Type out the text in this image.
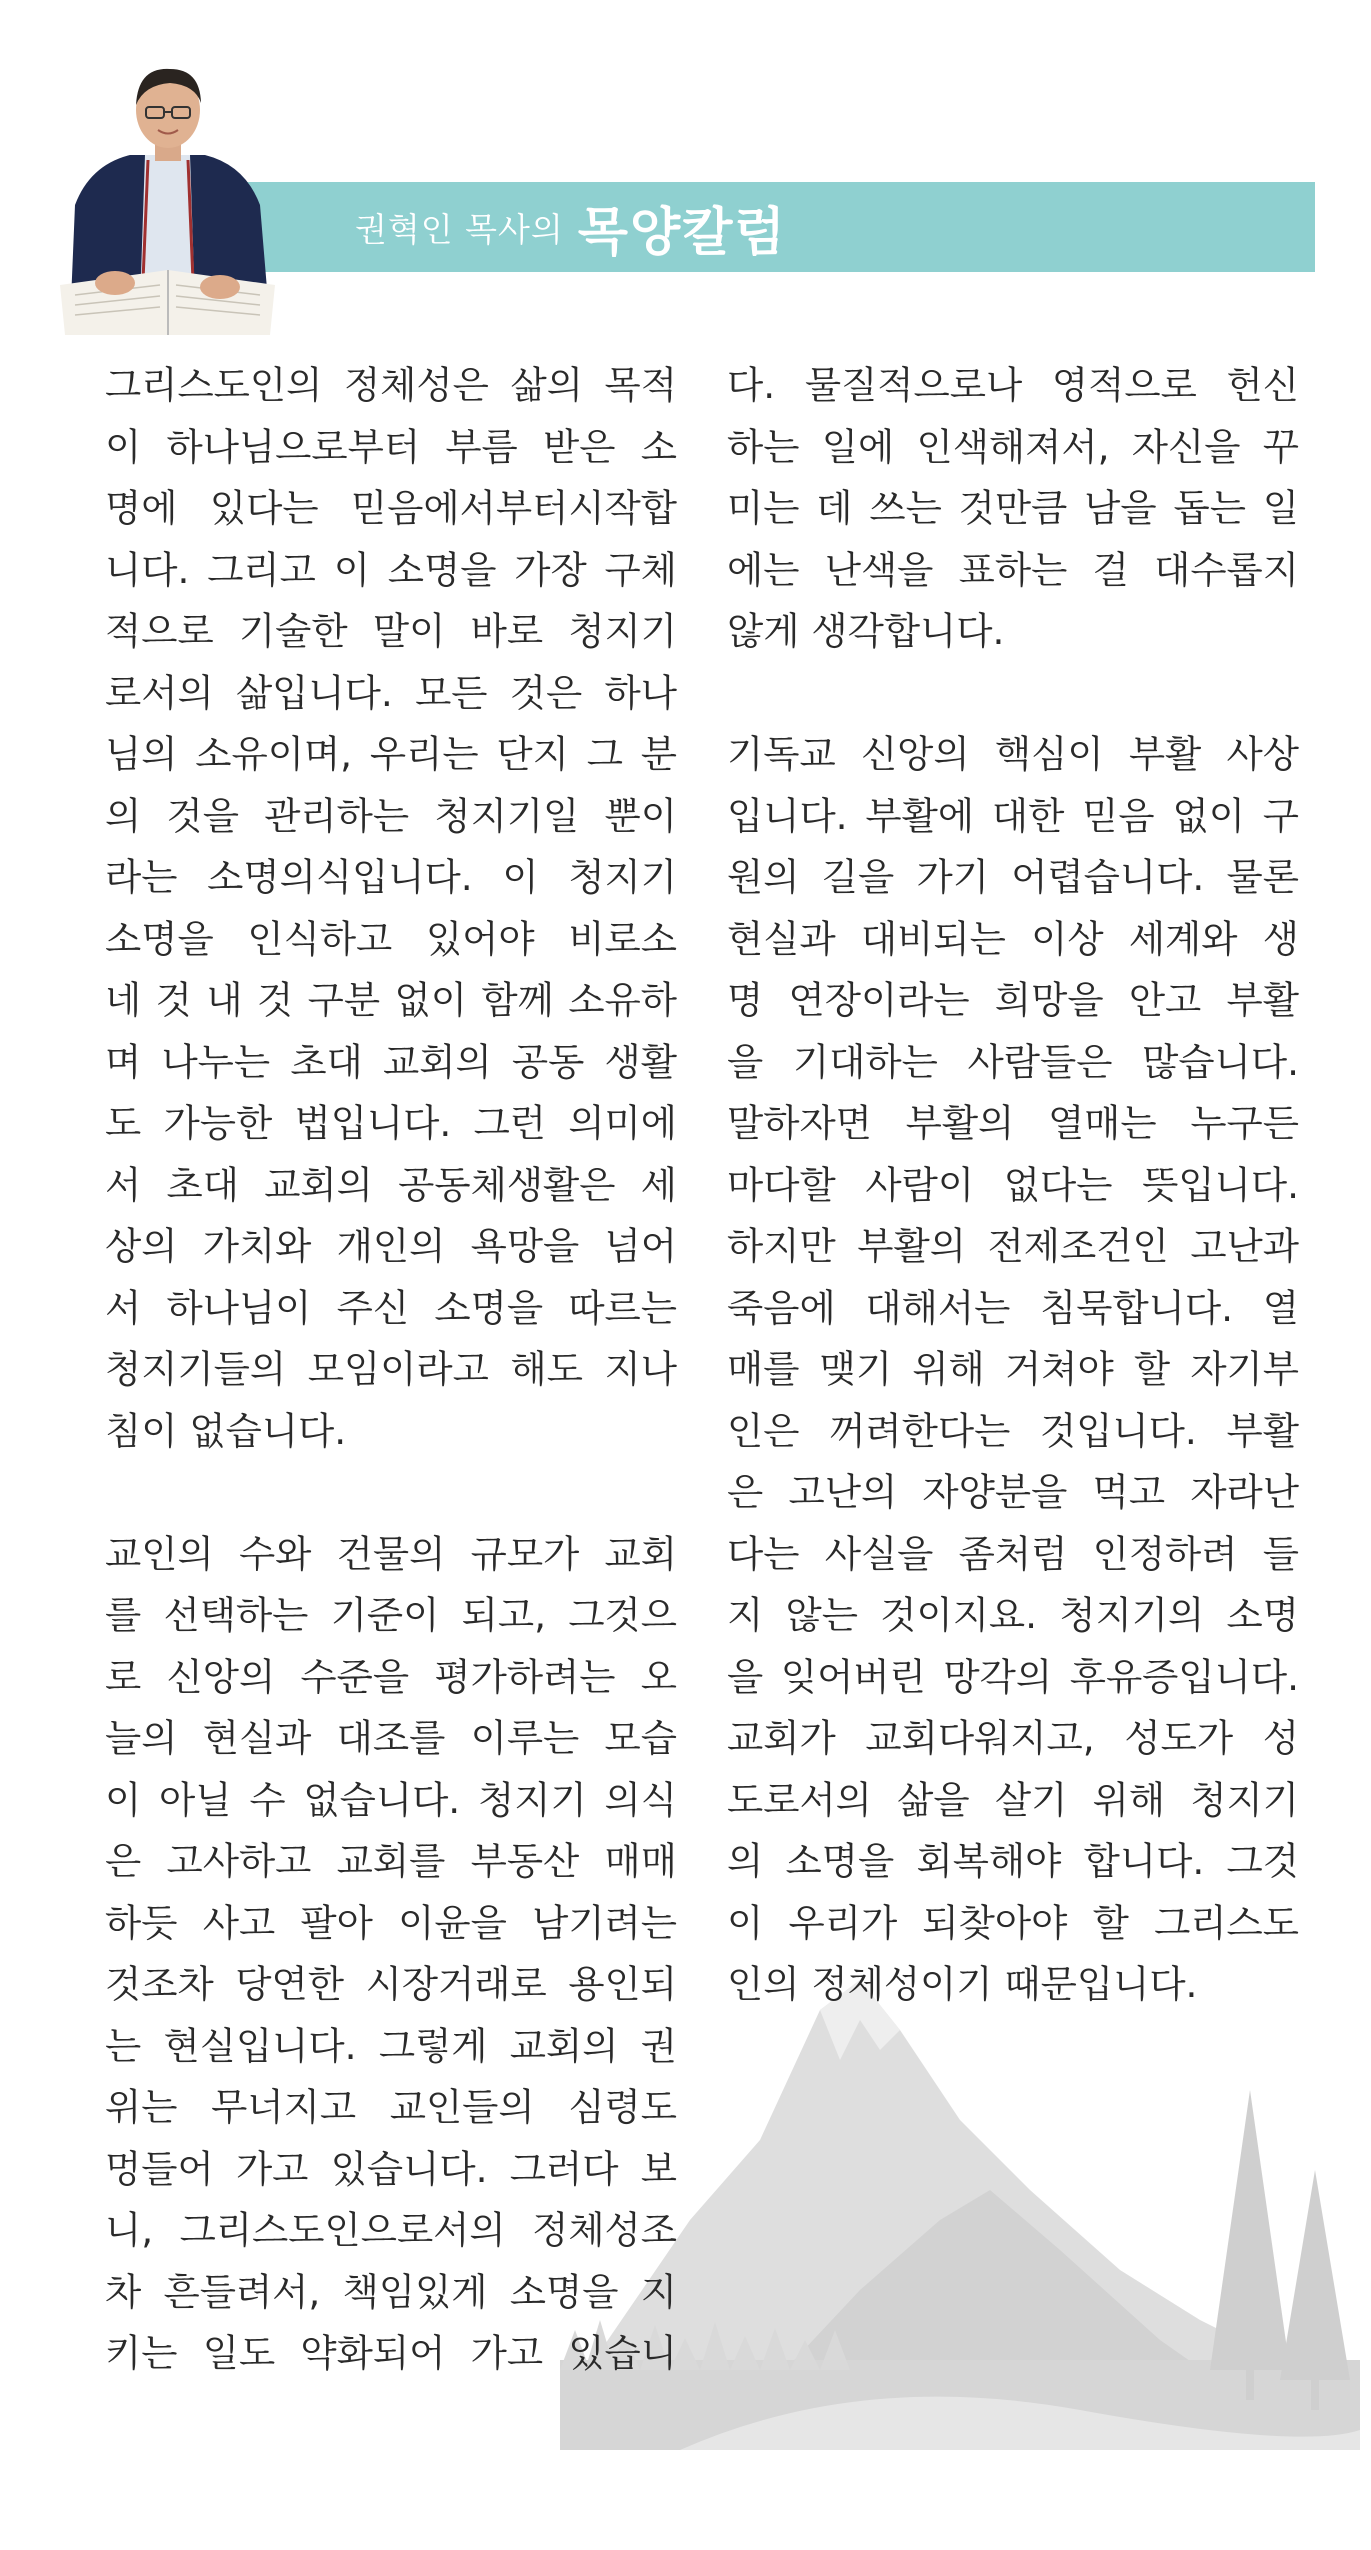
권혁인 목사의 목양칼럼
그리스도인의 정체성은 삶의 목적
이 하나님으로부터 부름 받은 소
명에 있다는 믿음에서부터시작합
니다. 그리고 이 소명을 가장 구체
적으로 기술한 말이 바로 청지기
로서의 삶입니다. 모든 것은 하나
님의 소유이며, 우리는 단지 그 분
의 것을 관리하는 청지기일 뿐이
라는 소명의식입니다. 이 청지기
소명을 인식하고 있어야 비로소
네 것 내 것 구분 없이 함께 소유하
며 나누는 초대 교회의 공동 생활
도 가능한 법입니다. 그런 의미에
서 초대 교회의 공동체생활은 세
상의 가치와 개인의 욕망을 넘어
서 하나님이 주신 소명을 따르는
청지기들의 모임이라고 해도 지나
침이 없습니다.
교인의 수와 건물의 규모가 교회
를 선택하는 기준이 되고, 그것으
로 신앙의 수준을 평가하려는 오
늘의 현실과 대조를 이루는 모습
이 아닐 수 없습니다. 청지기 의식
은 고사하고 교회를 부동산 매매
하듯 사고 팔아 이윤을 남기려는
것조차 당연한 시장거래로 용인되
는 현실입니다. 그렇게 교회의 권
위는 무너지고 교인들의 심령도
멍들어 가고 있습니다. 그러다 보
니, 그리스도인으로서의 정체성조
차 흔들려서, 책임있게 소명을 지
키는 일도 약화되어 가고 있습니
다. 물질적으로나 영적으로 헌신
하는 일에 인색해져서, 자신을 꾸
미는 데 쓰는 것만큼 남을 돕는 일
에는 난색을 표하는 걸 대수롭지
않게 생각합니다.
기독교 신앙의 핵심이 부활 사상
입니다. 부활에 대한 믿음 없이 구
원의 길을 가기 어렵습니다. 물론
현실과 대비되는 이상 세계와 생
명 연장이라는 희망을 안고 부활
을 기대하는 사람들은 많습니다.
말하자면 부활의 열매는 누구든
마다할 사람이 없다는 뜻입니다.
하지만 부활의 전제조건인 고난과
죽음에 대해서는 침묵합니다. 열
매를 맺기 위해 거쳐야 할 자기부
인은 꺼려한다는 것입니다. 부활
은 고난의 자양분을 먹고 자라난
다는 사실을 좀처럼 인정하려 들
지 않는 것이지요. 청지기의 소명
을 잊어버린 망각의 후유증입니다.
교회가 교회다워지고, 성도가 성
도로서의 삶을 살기 위해 청지기
의 소명을 회복해야 합니다. 그것
이 우리가 되찾아야 할 그리스도
인의 정체성이기 때문입니다.
